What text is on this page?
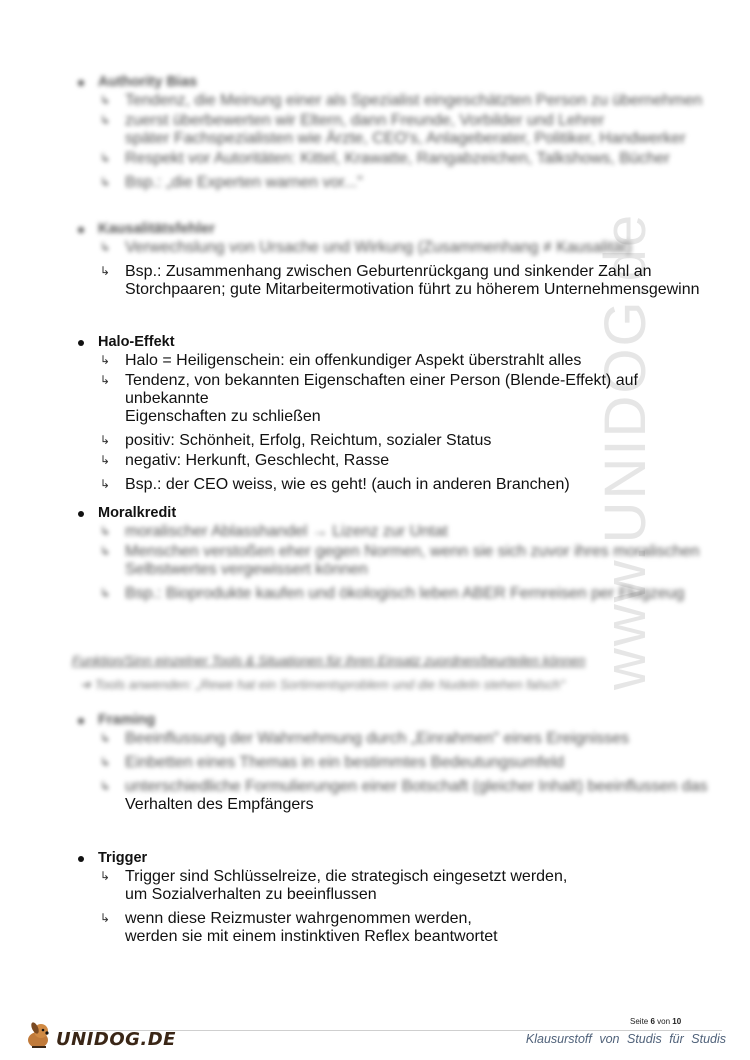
www.UNIDOG.de
Authority Bias
↳ Tendenz, die Meinung einer als Spezialist eingeschätzten Person zu übernehmen
↳ zuerst überbewerten wir Eltern, dann Freunde, Vorbilder und Lehrer
später Fachspezialisten wie Ärzte, CEO's, Anlageberater, Politiker, Handwerker
↳ Respekt vor Autoritäten: Kittel, Krawatte, Rangabzeichen, Talkshows, Bücher
↳ Bsp.: „die Experten warnen vor..."
Kausalitätsfehler
↳ Verwechslung von Ursache und Wirkung (Zusammenhang ≠ Kausalität)
↳ Bsp.: Zusammenhang zwischen Geburtenrückgang und sinkender Zahl an
Storchpaaren; gute Mitarbeitermotivation führt zu höherem Unternehmensgewinn
Halo-Effekt
↳ Halo = Heiligenschein: ein offenkundiger Aspekt überstrahlt alles
↳ Tendenz, von bekannten Eigenschaften einer Person (Blende-Effekt) auf unbekannte
Eigenschaften zu schließen
↳ positiv: Schönheit, Erfolg, Reichtum, sozialer Status
↳ negativ: Herkunft, Geschlecht, Rasse
↳ Bsp.: der CEO weiss, wie es geht! (auch in anderen Branchen)
Moralkredit
↳ moralischer Ablasshandel → Lizenz zur Untat
↳ Menschen verstoßen eher gegen Normen, wenn sie sich zuvor ihres moralischen
Selbstwertes vergewissert können
↳ Bsp.: Bioprodukte kaufen und ökologisch leben ABER Fernreisen per Flugzeug
Funktion/Sinn einzelner Tools & Situationen für ihren Einsatz zuordnen/beurteilen können
➜ Tools anwenden: „Rewe hat ein Sortimentsproblem und die Nudeln stehen falsch"
Framing
↳ Beeinflussung der Wahrnehmung durch „Einrahmen" eines Ereignisses
↳ Einbetten eines Themas in ein bestimmtes Bedeutungsumfeld
↳ unterschiedliche Formulierungen einer Botschaft (gleicher Inhalt) beeinflussen das
Verhalten des Empfängers
Trigger
↳ Trigger sind Schlüsselreize, die strategisch eingesetzt werden,
um Sozialverhalten zu beeinflussen
↳ wenn diese Reizmuster wahrgenommen werden,
werden sie mit einem instinktiven Reflex beantwortet
Seite 6 von 10
UNIDOG.DE	Klausurstoff von Studis für Studis
